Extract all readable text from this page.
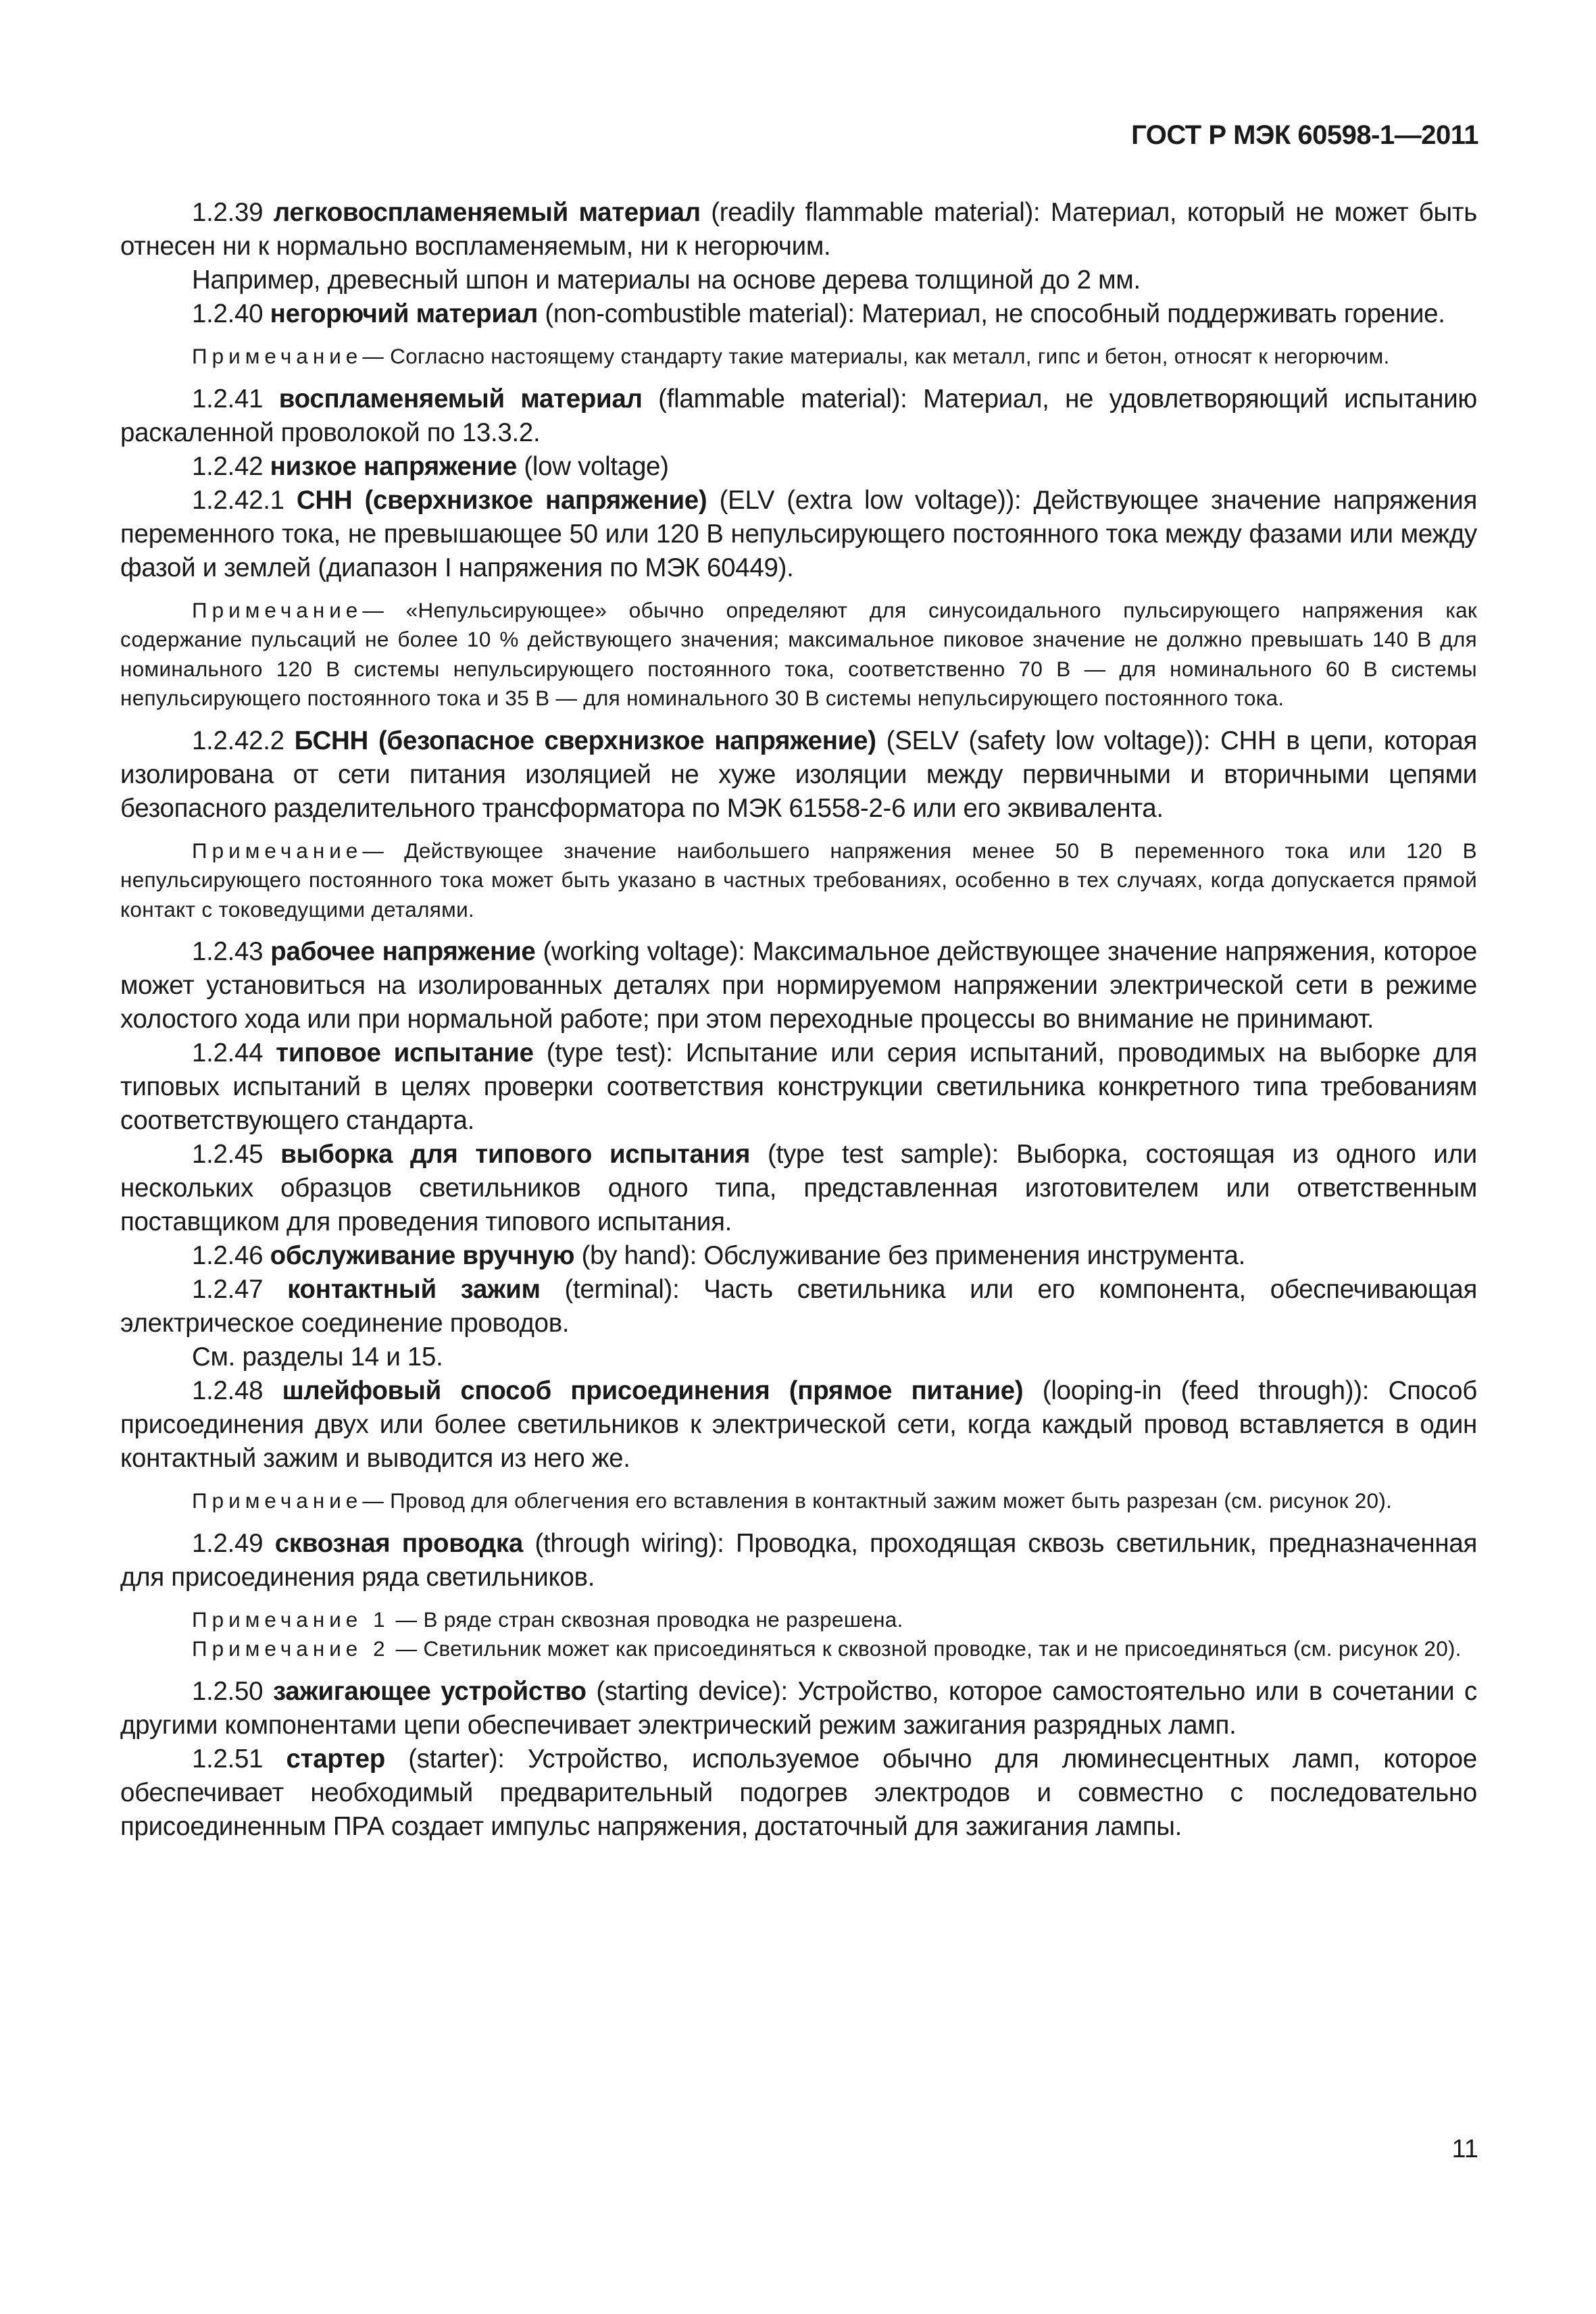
ГОСТ Р МЭК 60598-1—2011

1.2.39 легковоспламеняемый материал (readily flammable material): Материал, который не может быть отнесен ни к нормально воспламеняемым, ни к негорючим.

Например, древесный шпон и материалы на основе дерева толщиной до 2 мм.

1.2.40 негорючий материал (non-combustible material): Материал, не способный поддерживать горение.

Примечание— Согласно настоящему стандарту такие материалы, как металл, гипс и бетон, относят к негорючим.

1.2.41 воспламеняемый материал (flammable material): Материал, не удовлетворяющий испытанию раскаленной проволокой по 13.3.2.

1.2.42 низкое напряжение (low voltage)

1.2.42.1 СНН (сверхнизкое напряжение) (ELV (extra low voltage)): Действующее значение напряжения переменного тока, не превышающее 50 или 120 В непульсирующего постоянного тока между фазами или между фазой и землей (диапазон I напряжения по МЭК 60449).

Примечание— «Непульсирующее» обычно определяют для синусоидального пульсирующего напряжения как содержание пульсаций не более 10 % действующего значения; максимальное пиковое значение не должно превышать 140 В для номинального 120 В системы непульсирующего постоянного тока, соответственно 70 В — для номинального 60 В системы непульсирующего постоянного тока и 35 В — для номинального 30 В системы непульсирующего постоянного тока.

1.2.42.2 БСНН (безопасное сверхнизкое напряжение) (SELV (safety low voltage)): СНН в цепи, которая изолирована от сети питания изоляцией не хуже изоляции между первичными и вторичными цепями безопасного разделительного трансформатора по МЭК 61558-2-6 или его эквивалента.

Примечание— Действующее значение наибольшего напряжения менее 50 В переменного тока или 120 В непульсирующего постоянного тока может быть указано в частных требованиях, особенно в тех случаях, когда допускается прямой контакт с токоведущими деталями.

1.2.43 рабочее напряжение (working voltage): Максимальное действующее значение напряжения, которое может установиться на изолированных деталях при нормируемом напряжении электрической сети в режиме холостого хода или при нормальной работе; при этом переходные процессы во внимание не принимают.

1.2.44 типовое испытание (type test): Испытание или серия испытаний, проводимых на выборке для типовых испытаний в целях проверки соответствия конструкции светильника конкретного типа требованиям соответствующего стандарта.

1.2.45 выборка для типового испытания (type test sample): Выборка, состоящая из одного или нескольких образцов светильников одного типа, представленная изготовителем или ответственным поставщиком для проведения типового испытания.

1.2.46 обслуживание вручную (by hand): Обслуживание без применения инструмента.

1.2.47 контактный зажим (terminal): Часть светильника или его компонента, обеспечивающая электрическое соединение проводов.

См. разделы 14 и 15.

1.2.48 шлейфовый способ присоединения (прямое питание) (looping-in (feed through)): Способ присоединения двух или более светильников к электрической сети, когда каждый провод вставляется в один контактный зажим и выводится из него же.

Примечание— Провод для облегчения его вставления в контактный зажим может быть разрезан (см. рисунок 20).

1.2.49 сквозная проводка (through wiring): Проводка, проходящая сквозь светильник, предназначенная для присоединения ряда светильников.

Примечание 1 — В ряде стран сквозная проводка не разрешена.

Примечание 2 — Светильник может как присоединяться к сквозной проводке, так и не присоединяться (см. рисунок 20).

1.2.50 зажигающее устройство (starting device): Устройство, которое самостоятельно или в сочетании с другими компонентами цепи обеспечивает электрический режим зажигания разрядных ламп.

1.2.51 стартер (starter): Устройство, используемое обычно для люминесцентных ламп, которое обеспечивает необходимый предварительный подогрев электродов и совместно с последовательно присоединенным ПРА создает импульс напряжения, достаточный для зажигания лампы.

11
